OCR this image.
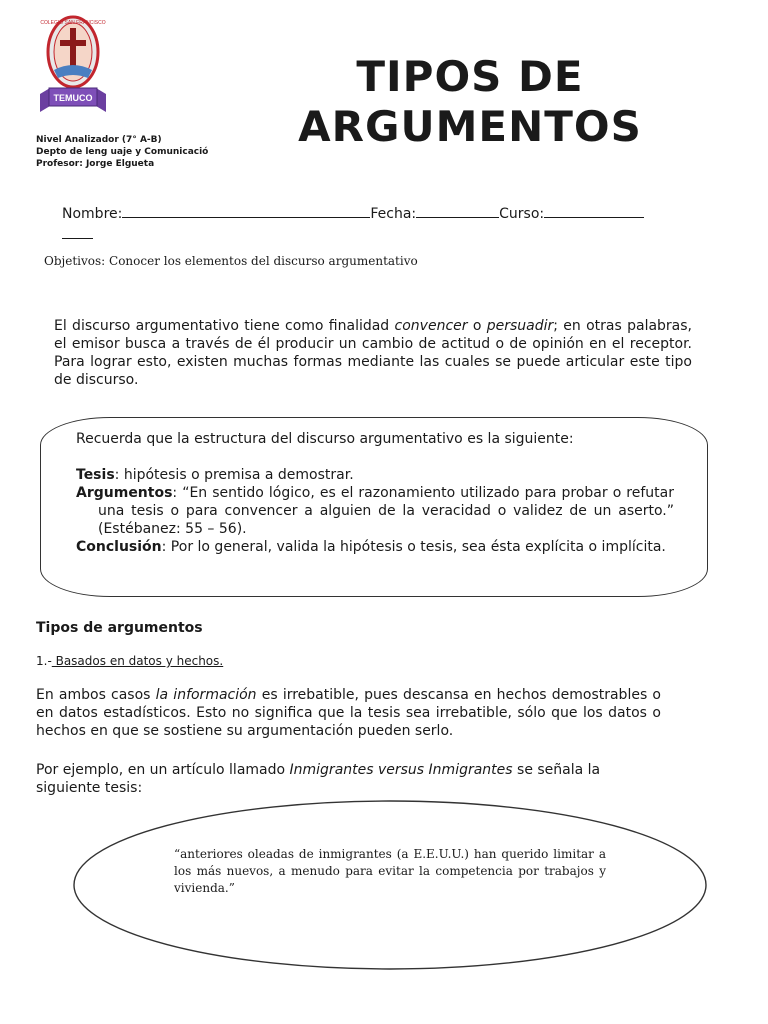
COLEGIO SAN FRANCISCO
TEMUCO	TIPOS DE
ARGUMENTOS
Nivel Analizador (7° A-B)
Depto de leng uaje y Comunicació
Profesor: Jorge Elgueta
Nombre:	Fecha:	Curso:

Objetivos: Conocer los elementos del discurso argumentativo

El discurso argumentativo tiene como finalidad convencer o persuadir; en otras palabras, el emisor busca a través de él producir un cambio de actitud o de opinión en el receptor. Para lograr esto, existen muchas formas mediante las cuales se puede articular este tipo de discurso.

Recuerda que la estructura del discurso argumentativo es la siguiente:

Tesis: hipótesis o premisa a demostrar.

Argumentos: “En sentido lógico, es el razonamiento utilizado para probar o refutar una tesis o para convencer a alguien de la veracidad o validez de un aserto.” (Estébanez: 55 – 56).

Conclusión: Por lo general, valida la hipótesis o tesis, sea ésta explícita o implícita.

Tipos de argumentos
1.- Basados en datos y hechos.

En ambos casos la información es irrebatible, pues descansa en hechos demostrables o en datos estadísticos. Esto no significa que la tesis sea irrebatible, sólo que los datos o hechos en que se sostiene su argumentación pueden serlo.

Por ejemplo, en un artículo llamado Inmigrantes versus Inmigrantes se señala la siguiente tesis:

“anteriores oleadas de inmigrantes (a E.E.U.U.) han querido limitar a los más nuevos, a menudo para evitar la competencia por trabajos y vivienda.”
